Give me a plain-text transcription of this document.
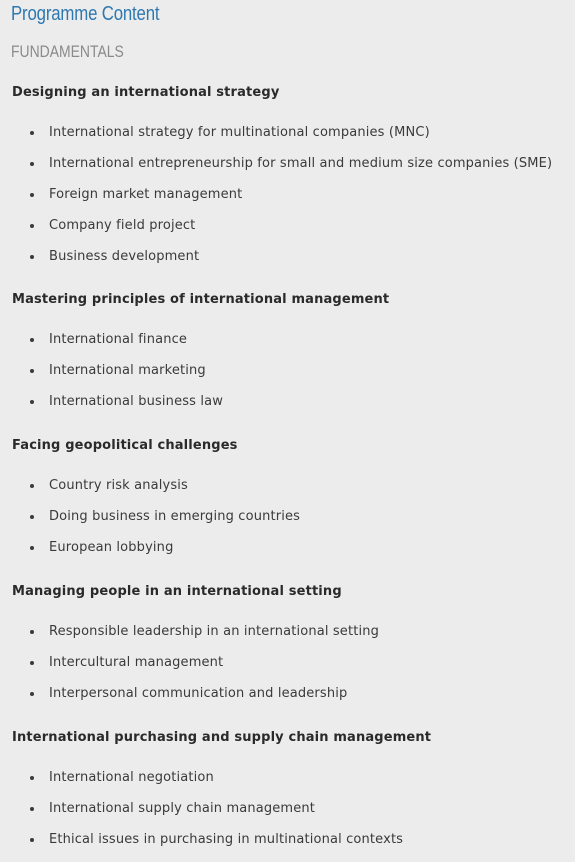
Programme Content
FUNDAMENTALS
Designing an international strategy
International strategy for multinational companies (MNC)
International entrepreneurship for small and medium size companies (SME)
Foreign market management
Company field project
Business development
Mastering principles of international management
International finance
International marketing
International business law
Facing geopolitical challenges
Country risk analysis
Doing business in emerging countries
European lobbying
Managing people in an international setting
Responsible leadership in an international setting
Intercultural management
Interpersonal communication and leadership
International purchasing and supply chain management
International negotiation
International supply chain management
Ethical issues in purchasing in multinational contexts
